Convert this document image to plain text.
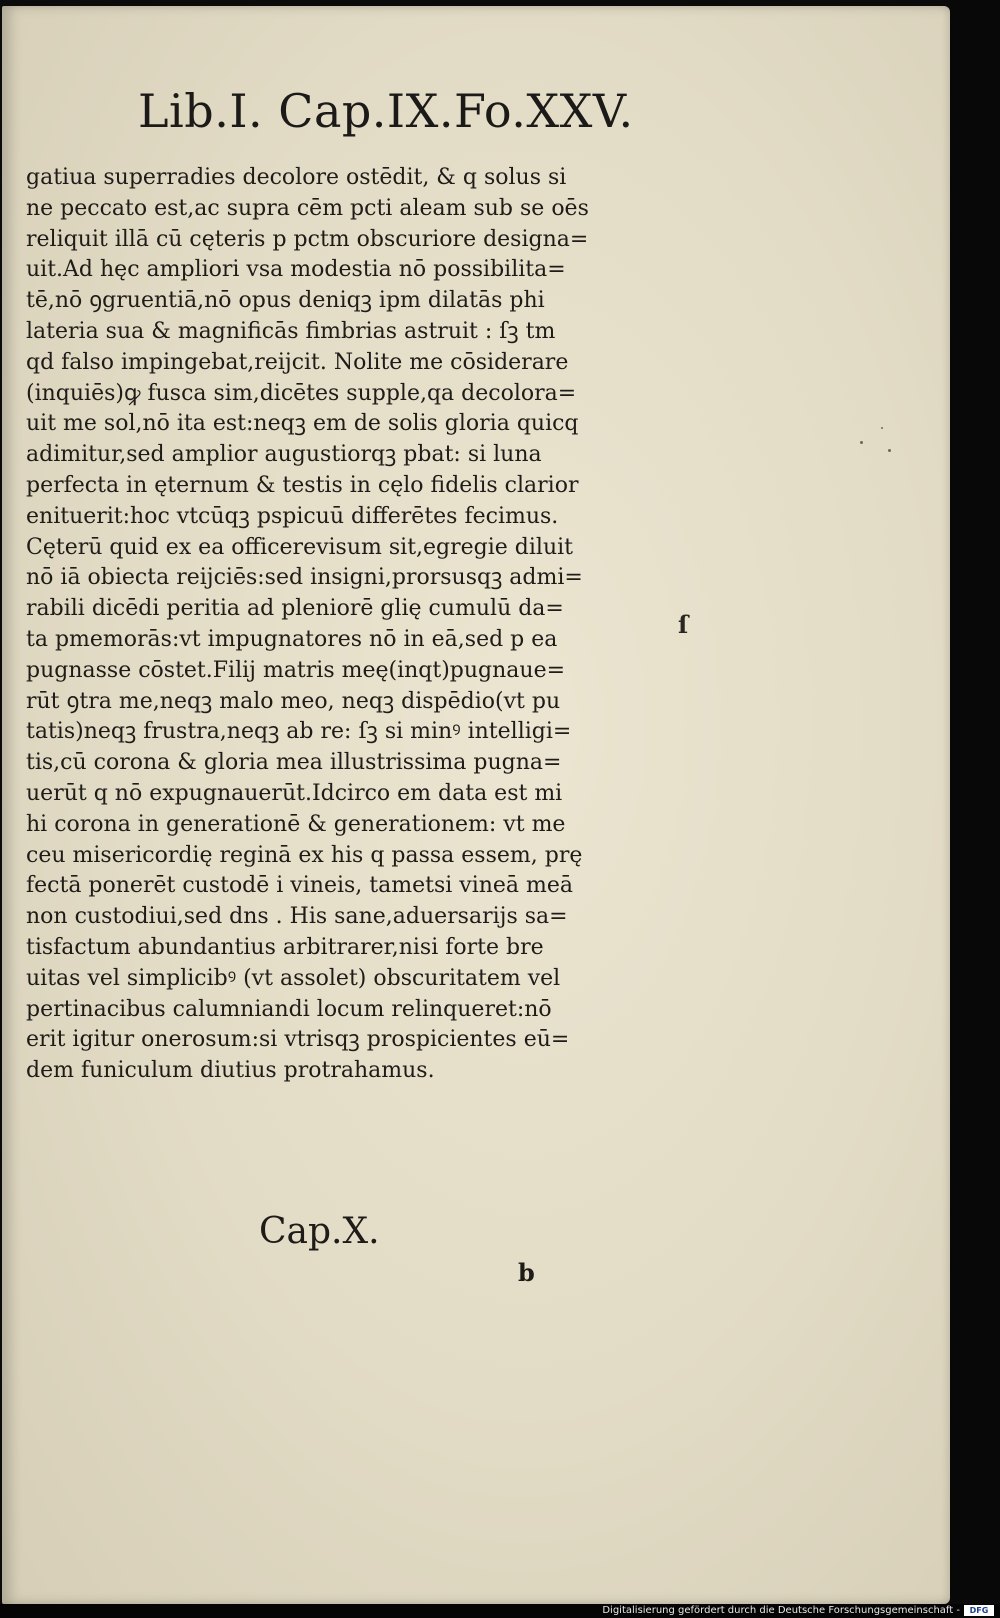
Lib.I. Cap.IX.Fo.XXV.
gatiua superradies decolore ostēdit, & q solus si
ne peccato est,ac supra cēm pcti aleam sub se oēs
reliquit illā cū cęteris p pctm obscuriore designa=
uit.Ad hęc ampliori vsa modestia nō possibilita=
tē,nō ꝯgruentiā,nō opus deniqꝫ ipm dilatās phi
lateria sua & magnificās fimbrias astruit : ſꝫ tm
qd falso impingebat,reijcit. Nolite me cōsiderare
(inquiēs)ꝙ fusca sim,dicētes supple,qa decolora=
uit me sol,nō ita est:neqꝫ em de solis gloria quicq
adimitur,sed amplior augustiorqꝫ pbat: si luna
perfecta in ęternum & testis in cęlo fidelis clarior
enituerit:hoc vtcūqꝫ pspicuū differētes fecimus.
Cęterū quid ex ea officerevisum sit,egregie diluit
nō iā obiecta reijciēs:sed insigni,prorsusqꝫ admi=
rabili dicēdi peritia ad pleniorē glię cumulū da=
ta pmemorās:vt impugnatores nō in eā,sed p ea
pugnasse cōstet.Filij matris meę(inqt)pugnaue=
rūt ꝯtra me,neqꝫ malo meo, neqꝫ dispēdio(vt pu
tatis)neqꝫ frustra,neqꝫ ab re: ſꝫ si minꝰ intelligi=
tis,cū corona & gloria mea illustrissima pugna=
uerūt q nō expugnauerūt.Idcirco em data est mi
hi corona in generationē & generationem: vt me
ceu misericordię reginā ex his q passa essem, prę
fectā ponerēt custodē i vineis, tametsi vineā meā
non custodiui,sed dns . His sane,aduersarijs sa=
tisfactum abundantius arbitrarer,nisi forte bre
uitas vel simplicibꝰ (vt assolet) obscuritatem vel
pertinacibus calumniandi locum relinqueret:nō
erit igitur onerosum:si vtrisqꝫ prospicientes eū=
dem funiculum diutius protrahamus.
ſ
Cap.X.
b
Digitalisierung gefördert durch die Deutsche Forschungsgemeinschaft -	DFG
